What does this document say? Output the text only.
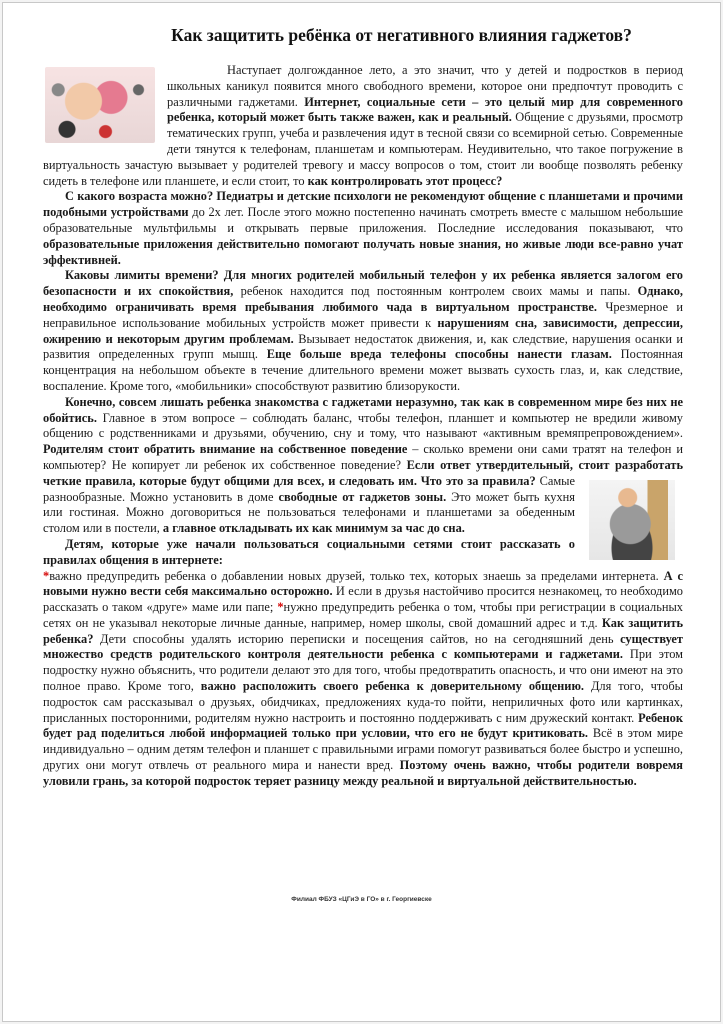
Как защитить ребёнка от негативного влияния гаджетов?

Наступает долгожданное лето, а это значит, что у детей и подростков в период школьных каникул появится много свободного времени, которое они предпочтут проводить с различными гаджетами. Интернет, социальные сети – это целый мир для современного ребенка, который может быть также важен, как и реальный. Общение с друзьями, просмотр тематических групп, учеба и развлечения идут в тесной связи со всемирной сетью. Современные дети тянутся к телефонам, планшетам и компьютерам. Неудивительно, что такое погружение в виртуальность зачастую вызывает у родителей тревогу и массу вопросов о том, стоит ли вообще позволять ребенку сидеть в телефоне или планшете, и если стоит, то как контролировать этот процесс?

С какого возраста можно? Педиатры и детские психологи не рекомендуют общение с планшетами и прочими подобными устройствами до 2х лет. После этого можно постепенно начинать смотреть вместе с малышом небольшие образовательные мультфильмы и открывать первые приложения. Последние исследования показывают, что образовательные приложения действительно помогают получать новые знания, но живые люди все-равно учат эффективней.

Каковы лимиты времени? Для многих родителей мобильный телефон у их ребенка является залогом его безопасности и их спокойствия, ребенок находится под постоянным контролем своих мамы и папы. Однако, необходимо ограничивать время пребывания любимого чада в виртуальном пространстве. Чрезмерное и неправильное использование мобильных устройств может привести к нарушениям сна, зависимости, депрессии, ожирению и некоторым другим проблемам. Вызывает недостаток движения, и, как следствие, нарушения осанки и развития определенных групп мышц. Еще больше вреда телефоны способны нанести глазам. Постоянная концентрация на небольшом объекте в течение длительного времени может вызвать сухость глаз, и, как следствие, воспаление. Кроме того, «мобильники» способствуют развитию близорукости.

Конечно, совсем лишать ребенка знакомства с гаджетами неразумно, так как в современном мире без них не обойтись. Главное в этом вопросе – соблюдать баланс, чтобы телефон, планшет и компьютер не вредили живому общению с родственниками и друзьями, обучению, сну и тому, что называют «активным времяпрепровождением». Родителям стоит обратить внимание на собственное поведение – сколько времени они сами тратят на телефон и компьютер? Не копирует ли ребенок их собственное поведение? Если ответ утвердительный, стоит разработать четкие правила, которые будут общими для всех, и следовать им. Что это за правила?
Самые разнообразные. Можно установить в доме свободные от гаджетов зоны. Это может быть кухня или гостиная. Можно договориться не пользоваться телефонами и планшетами за обеденным столом или в постели, а главное откладывать их как минимум за час до сна.

Детям, которые уже начали пользоваться социальными сетями стоит рассказать о правилах общения в интернете:

*важно предупредить ребенка о добавлении новых друзей, только тех, которых знаешь за пределами интернета. А с новыми нужно вести себя максимально осторожно. И если в друзья настойчиво просится незнакомец, то необходимо рассказать о таком «друге» маме или папе; *нужно предупредить ребенка о том, чтобы при регистрации в социальных сетях он не указывал некоторые личные данные, например, номер школы, свой домашний адрес и т.д. Как защитить ребенка? Дети способны удалять историю переписки и посещения сайтов, но на сегодняшний день существует множество средств родительского контроля деятельности ребенка с компьютерами и гаджетами. При этом подростку нужно объяснить, что родители делают это для того, чтобы предотвратить опасность, и что они имеют на это полное право. Кроме того, важно расположить своего ребенка к доверительному общению. Для того, чтобы подросток сам рассказывал о друзьях, обидчиках, предложениях куда-то пойти, неприличных фото или картинках, присланных посторонними, родителям нужно настроить и постоянно поддерживать с ним дружеский контакт. Ребенок будет рад поделиться любой информацией только при условии, что его не будут критиковать. Всё в этом мире индивидуально – одним детям телефон и планшет с правильными играми помогут развиваться более быстро и успешно, других они могут отвлечь от реального мира и нанести вред. Поэтому очень важно, чтобы родители вовремя уловили грань, за которой подросток теряет разницу между реальной и виртуальной действительностью.

Филиал ФБУЗ «ЦГиЭ в ГО» в г. Георгиевске
